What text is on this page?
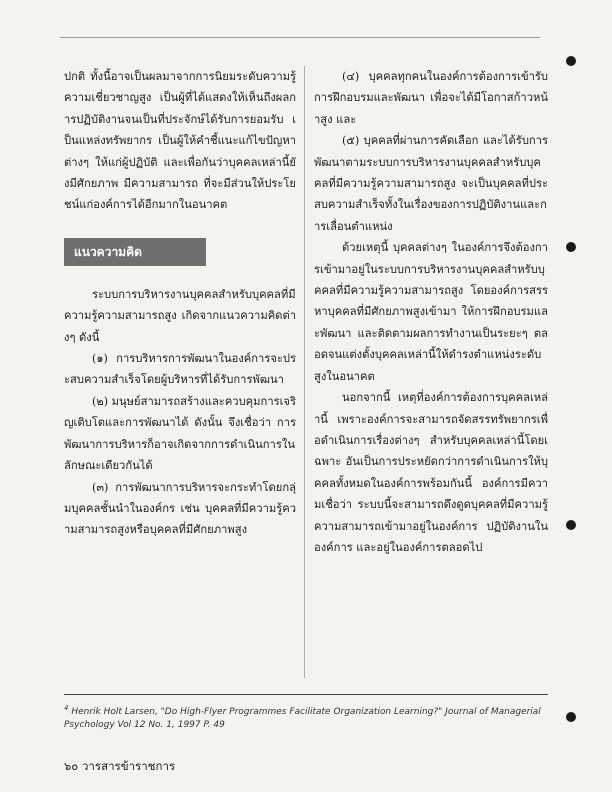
ปกติ ทั้งนี้อาจเป็นผลมาจากการนิยมระดับความรู้ความเชี่ยวชาญสูง เป็นผู้ที่ได้แสดงให้เห็นถึงผลการปฏิบัติงานจนเป็นที่ประจักษ์ได้รับการยอมรับ เป็นแหล่งทรัพยากร เป็นผู้ให้คำชี้แนะแก้ไขปัญหาต่างๆ ให้แก่ผู้ปฏิบัติ และเพื่อกันว่าบุคคลเหล่านี้ยังมีศักยภาพ มีความสามารถ ที่จะมีส่วนให้ประโยชน์แก่องค์การได้อีกมากในอนาคต

แนวความคิด

ระบบการบริหารงานบุคคลสำหรับบุคคลที่มีความรู้ความสามารถสูง เกิดจากแนวความคิดต่างๆ ดังนี้

(๑) การบริหารการพัฒนาในองค์การจะประสบความสำเร็จโดยผู้บริหารที่ได้รับการพัฒนา

(๒) มนุษย์สามารถสร้างและควบคุมการเจริญเติบโตและการพัฒนาได้ ดังนั้น จึงเชื่อว่า การพัฒนาการบริหารก็อาจเกิดจากการดำเนินการในลักษณะเดียวกันได้

(๓) การพัฒนาการบริหารจะกระทำโดยกลุ่มบุคคลชั้นนำในองค์กร เช่น บุคคลที่มีความรู้ความสามารถสูงหรือบุคคลที่มีศักยภาพสูง

(๔) บุคคลทุกคนในองค์การต้องการเข้ารับการฝึกอบรมและพัฒนา เพื่อจะได้มีโอกาสก้าวหน้าสูง และ

(๕) บุคคลที่ผ่านการคัดเลือก และได้รับการพัฒนาตามระบบการบริหารงานบุคคลสำหรับบุคคลที่มีความรู้ความสามารถสูง จะเป็นบุคคลที่ประสบความสำเร็จทั้งในเรื่องของการปฏิบัติงานและการเลื่อนตำแหน่ง

ด้วยเหตุนี้ บุคคลต่างๆ ในองค์การจึงต้องการเข้ามาอยู่ในระบบการบริหารงานบุคคลสำหรับบุคคลที่มีความรู้ความสามารถสูง โดยองค์การสรรหาบุคคลที่มีศักยภาพสูงเข้ามา ให้การฝึกอบรมและพัฒนา และติดตามผลการทำงานเป็นระยะๆ ตลอดจนแต่งตั้งบุคคลเหล่านี้ให้ดำรงตำแหน่งระดับสูงในอนาคต

นอกจากนี้ เหตุที่องค์การต้องการบุคคลเหล่านี้ เพราะองค์การจะสามารถจัดสรรทรัพยากรเพื่อดำเนินการเรื่องต่างๆ สำหรับบุคคลเหล่านี้โดยเฉพาะ อันเป็นการประหยัดกว่าการดำเนินการให้บุคคลทั้งหมดในองค์การพร้อมกันนี้ องค์การมีความเชื่อว่า ระบบนี้จะสามารถดึงดูดบุคคลที่มีความรู้ความสามารถเข้ามาอยู่ในองค์การ ปฏิบัติงานในองค์การ และอยู่ในองค์การตลอดไป

$^4$ Henrik Holt Larsen, "Do High-Flyer Programmes Facilitate Organization Learning?" Journal of Managerial Psychology Vol 12 No. 1, 1997 P. 49
๖๐ วารสารข้าราชการ
